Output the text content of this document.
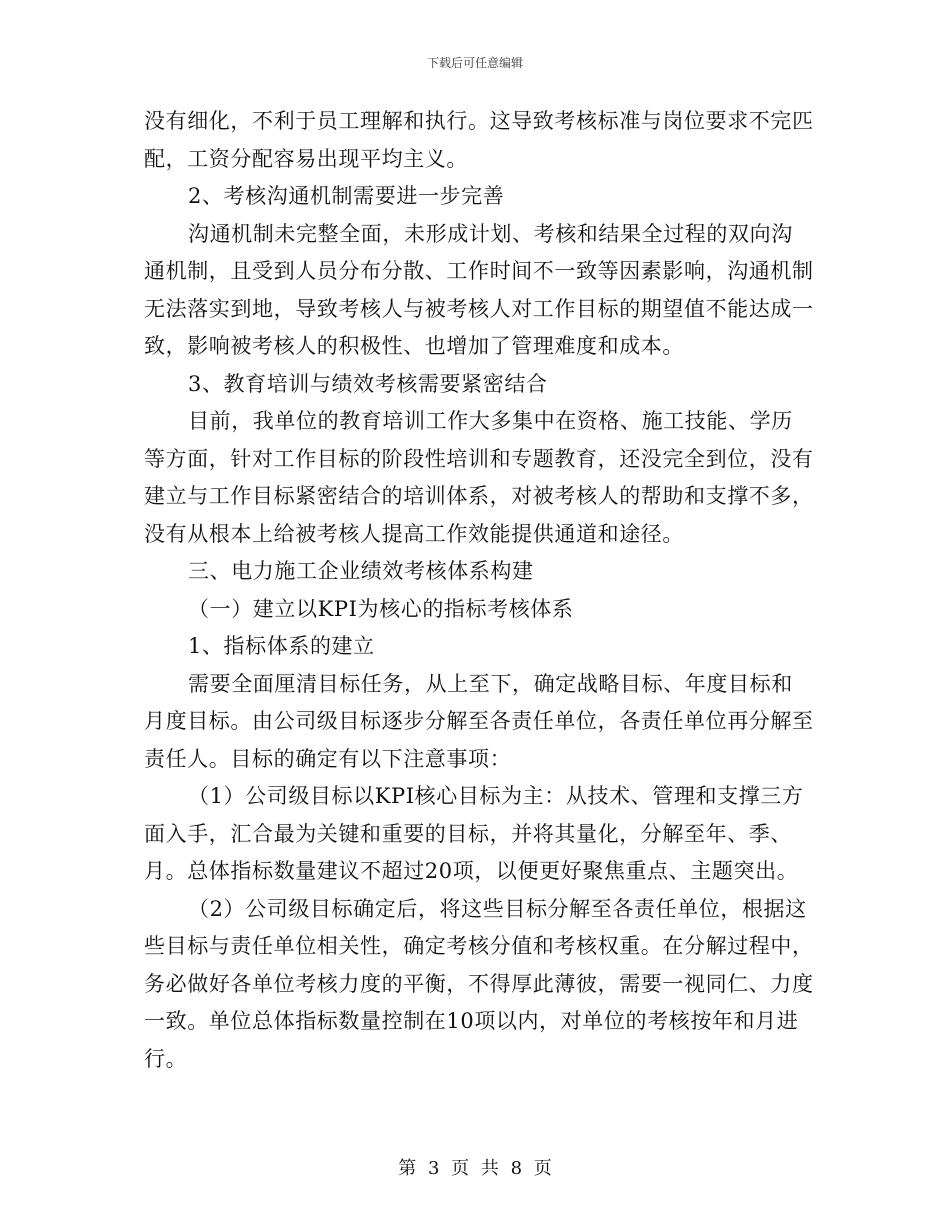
下载后可任意编辑

没有细化，不利于员工理解和执行。这导致考核标准与岗位要求不完匹配，工资分配容易出现平均主义。

2、考核沟通机制需要进一步完善

沟通机制未完整全面，未形成计划、考核和结果全过程的双向沟通机制，且受到人员分布分散、工作时间不一致等因素影响，沟通机制无法落实到地，导致考核人与被考核人对工作目标的期望值不能达成一致，影响被考核人的积极性、也增加了管理难度和成本。

3、教育培训与绩效考核需要紧密结合

目前，我单位的教育培训工作大多集中在资格、施工技能、学历等方面，针对工作目标的阶段性培训和专题教育，还没完全到位，没有建立与工作目标紧密结合的培训体系，对被考核人的帮助和支撑不多，没有从根本上给被考核人提高工作效能提供通道和途径。

三、电力施工企业绩效考核体系构建

（一）建立以KPI为核心的指标考核体系

1、指标体系的建立

需要全面厘清目标任务，从上至下，确定战略目标、年度目标和月度目标。由公司级目标逐步分解至各责任单位，各责任单位再分解至责任人。目标的确定有以下注意事项：

（1）公司级目标以KPI核心目标为主：从技术、管理和支撑三方面入手，汇合最为关键和重要的目标，并将其量化，分解至年、季、月。总体指标数量建议不超过20项，以便更好聚焦重点、主题突出。

（2）公司级目标确定后，将这些目标分解至各责任单位，根据这些目标与责任单位相关性，确定考核分值和考核权重。在分解过程中，务必做好各单位考核力度的平衡，不得厚此薄彼，需要一视同仁、力度一致。单位总体指标数量控制在10项以内，对单位的考核按年和月进行。

第 3 页 共 8 页
